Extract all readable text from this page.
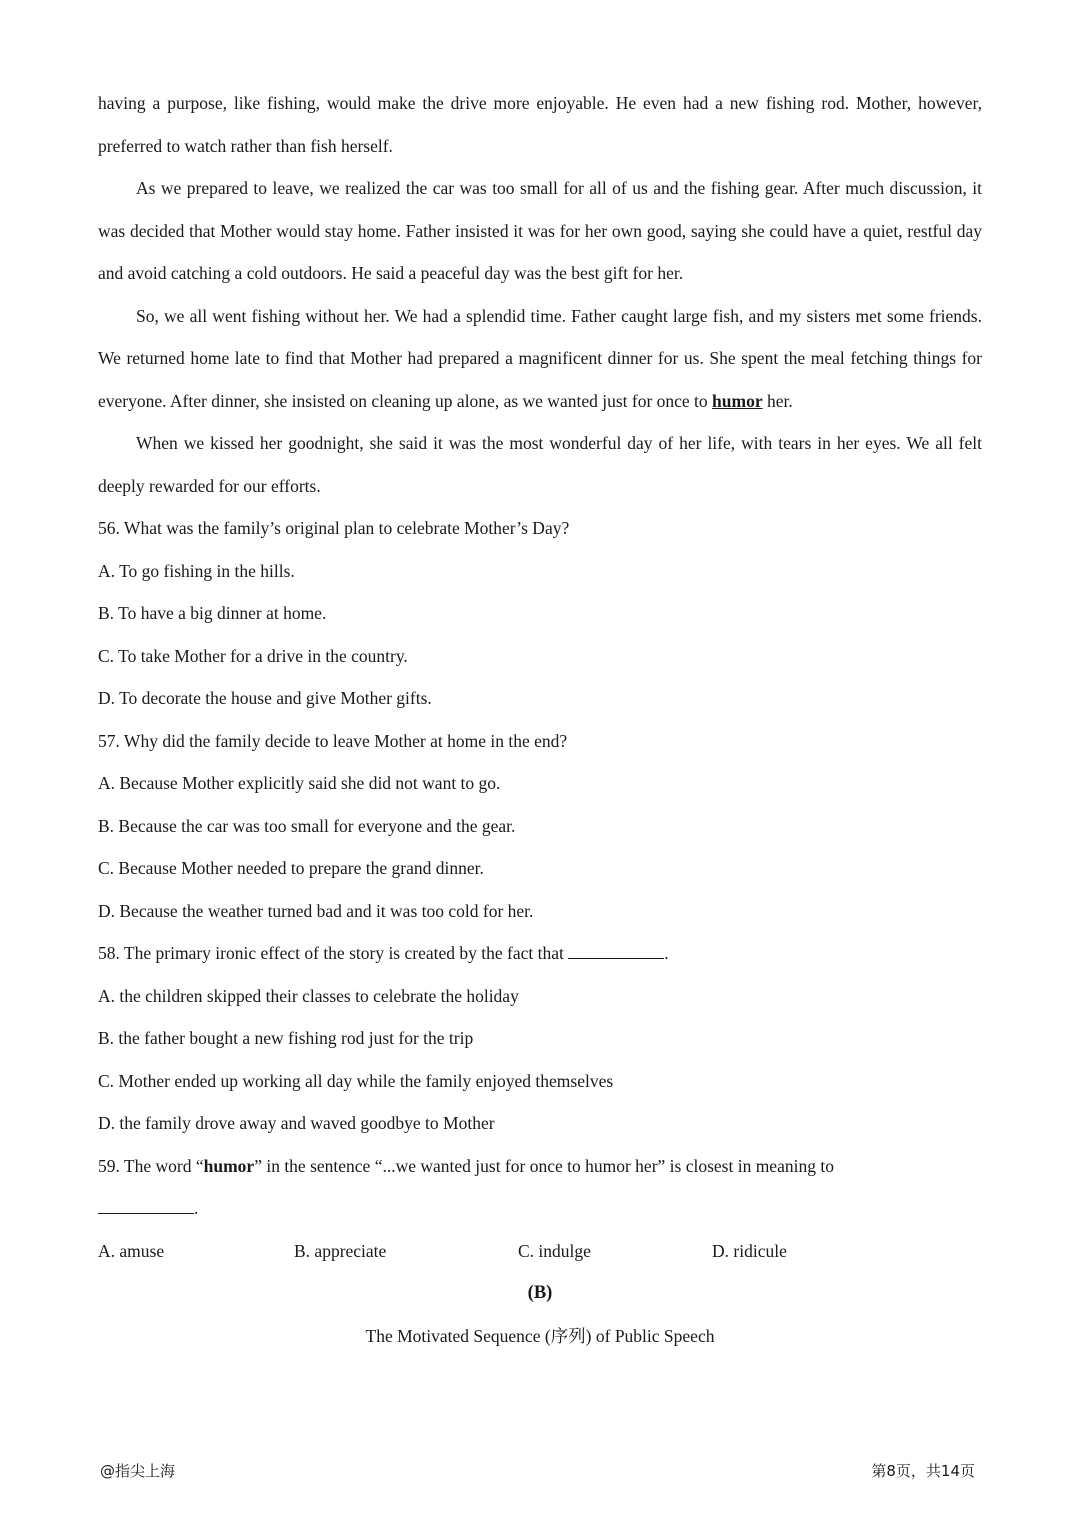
having a purpose, like fishing, would make the drive more enjoyable. He even had a new fishing rod. Mother, however, preferred to watch rather than fish herself.

As we prepared to leave, we realized the car was too small for all of us and the fishing gear. After much discussion, it was decided that Mother would stay home. Father insisted it was for her own good, saying she could have a quiet, restful day and avoid catching a cold outdoors. He said a peaceful day was the best gift for her.

So, we all went fishing without her. We had a splendid time. Father caught large fish, and my sisters met some friends. We returned home late to find that Mother had prepared a magnificent dinner for us. She spent the meal fetching things for everyone. After dinner, she insisted on cleaning up alone, as we wanted just for once to humor her.

When we kissed her goodnight, she said it was the most wonderful day of her life, with tears in her eyes. We all felt deeply rewarded for our efforts.

56. What was the family’s original plan to celebrate Mother’s Day?

A. To go fishing in the hills.

B. To have a big dinner at home.

C. To take Mother for a drive in the country.

D. To decorate the house and give Mother gifts.

57. Why did the family decide to leave Mother at home in the end?

A. Because Mother explicitly said she did not want to go.

B. Because the car was too small for everyone and the gear.

C. Because Mother needed to prepare the grand dinner.

D. Because the weather turned bad and it was too cold for her.

58. The primary ironic effect of the story is created by the fact that	.

A. the children skipped their classes to celebrate the holiday

B. the father bought a new fishing rod just for the trip

C. Mother ended up working all day while the family enjoyed themselves

D. the family drove away and waved goodbye to Mother

59. The word “humor” in the sentence “...we wanted just for once to humor her” is closest in meaning to

.

A. amuse	B. appreciate	C. indulge	D. ridicule

(B)

The Motivated Sequence (序列) of Public Speech

@指尖上海	第8页，共14页
